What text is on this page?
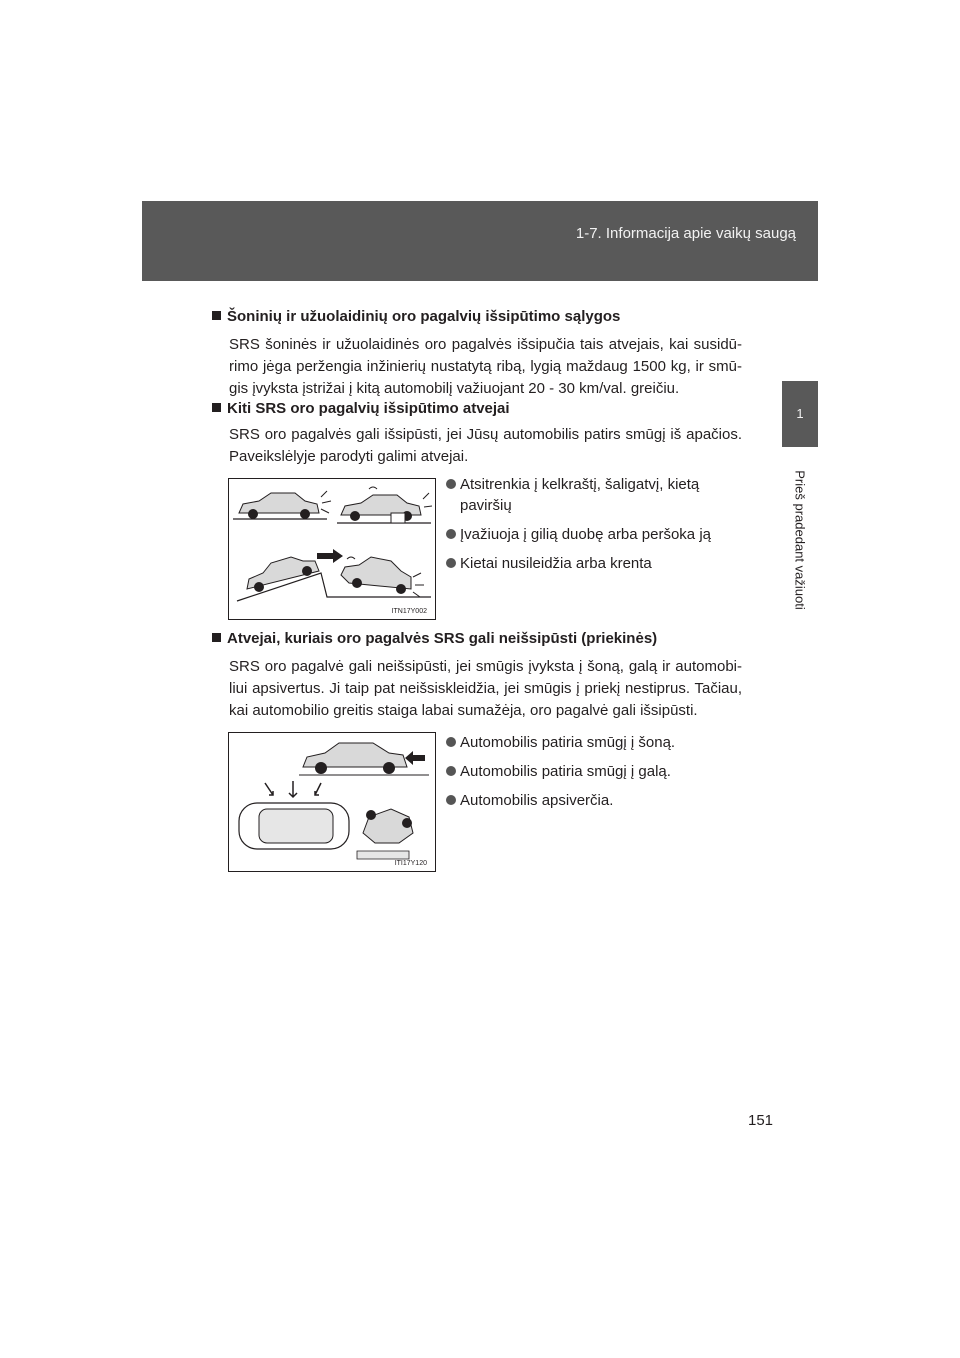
1-7. Informacija apie vaikų saugą
1
Prieš pradedant važiuoti
Šoninių ir užuolaidinių oro pagalvių išsipūtimo sąlygos
SRS šoninės ir užuolaidinės oro pagalvės išsipučia tais atvejais, kai susidū-
rimo jėga peržengia inžinierių nustatytą ribą, lygią maždaug 1500 kg, ir smū-
gis įvyksta įstrižai į kitą automobilį važiuojant 20 - 30 km/val. greičiu.
Kiti SRS oro pagalvių išsipūtimo atvejai
SRS oro pagalvės gali išsipūsti, jei Jūsų automobilis patirs smūgį iš apačios.
Paveikslėlyje parodyti galimi atvejai.
ITN17Y002
Atsitrenkia į kelkraštį, šaligatvį, kietą paviršių
Įvažiuoja į gilią duobę arba peršoka ją
Kietai nusileidžia arba krenta
Atvejai, kuriais oro pagalvės SRS gali neišsipūsti (priekinės)
SRS oro pagalvė gali neišsipūsti, jei smūgis įvyksta į šoną, galą ir automobi-
liui apsivertus. Ji taip pat neišsiskleidžia, jei smūgis į priekį nestiprus. Tačiau,
kai automobilio greitis staiga labai sumažėja, oro pagalvė gali išsipūsti.
ITI17Y120
Automobilis patiria smūgį į šoną.
Automobilis patiria smūgį į galą.
Automobilis apsiverčia.
151
